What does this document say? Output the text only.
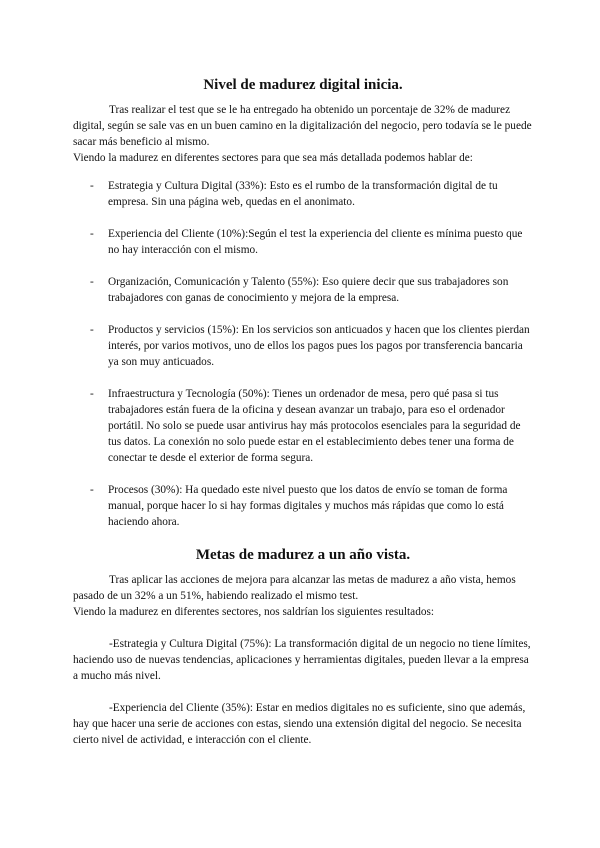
Nivel de madurez digital inicia.

Tras realizar el test que se le ha entregado ha obtenido un porcentaje de 32% de madurez digital, según se sale vas en un buen camino en la digitalización del negocio, pero todavía se le puede sacar más beneficio al mismo.

Viendo la madurez en diferentes sectores para que sea más detallada podemos hablar de:

- Estrategia y Cultura Digital (33%): Esto es el rumbo de la transformación digital de tu empresa. Sin una página web, quedas en el anonimato.
- Experiencia del Cliente (10%):Según el test la experiencia del cliente es mínima puesto que no hay interacción con el mismo.
- Organización, Comunicación y Talento (55%): Eso quiere decir que sus trabajadores son trabajadores con ganas de conocimiento y mejora de la empresa.
- Productos y servicios (15%): En los servicios son anticuados y hacen que los clientes pierdan interés, por varios motivos, uno de ellos los pagos pues los pagos por transferencia bancaria ya son muy anticuados.
- Infraestructura y Tecnología (50%): Tienes un ordenador de mesa, pero qué pasa si tus trabajadores están fuera de la oficina y desean avanzar un trabajo, para eso el ordenador portátil. No solo se puede usar antivirus hay más protocolos esenciales para la seguridad de tus datos. La conexión no solo puede estar en el establecimiento debes tener una forma de conectar te desde el exterior de forma segura.
- Procesos (30%): Ha quedado este nivel puesto que los datos de envío se toman de forma manual, porque hacer lo si hay formas digitales y muchos más rápidas que como lo está haciendo ahora.
Metas de madurez a un año vista.

Tras aplicar las acciones de mejora para alcanzar las metas de madurez a año vista, hemos pasado de un 32% a un 51%, habiendo realizado el mismo test.

Viendo la madurez en diferentes sectores, nos saldrían los siguientes resultados:

-Estrategia y Cultura Digital (75%): La transformación digital de un negocio no tiene límites, haciendo uso de nuevas tendencias, aplicaciones y herramientas digitales, pueden llevar a la empresa a mucho más nivel.

-Experiencia del Cliente (35%): Estar en medios digitales no es suficiente, sino que además, hay que hacer una serie de acciones con estas, siendo una extensión digital del negocio. Se necesita cierto nivel de actividad, e interacción con el cliente.
